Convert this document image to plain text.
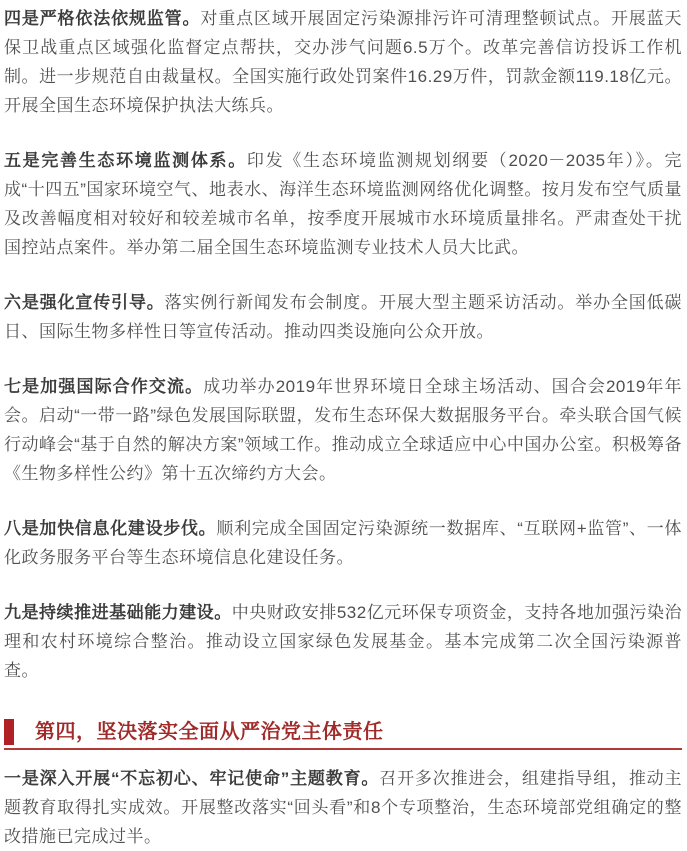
四是严格依法依规监管。对重点区域开展固定污染源排污许可清理整顿试点。开展蓝天保卫战重点区域强化监督定点帮扶，交办涉气问题6.5万个。改革完善信访投诉工作机制。进一步规范自由裁量权。全国实施行政处罚案件16.29万件，罚款金额119.18亿元。开展全国生态环境保护执法大练兵。

五是完善生态环境监测体系。印发《生态环境监测规划纲要（2020－2035年）》。完成“十四五”国家环境空气、地表水、海洋生态环境监测网络优化调整。按月发布空气质量及改善幅度相对较好和较差城市名单，按季度开展城市水环境质量排名。严肃查处干扰国控站点案件。举办第二届全国生态环境监测专业技术人员大比武。

六是强化宣传引导。落实例行新闻发布会制度。开展大型主题采访活动。举办全国低碳日、国际生物多样性日等宣传活动。推动四类设施向公众开放。

七是加强国际合作交流。成功举办2019年世界环境日全球主场活动、国合会2019年年会。启动“一带一路”绿色发展国际联盟，发布生态环保大数据服务平台。牵头联合国气候行动峰会“基于自然的解决方案”领域工作。推动成立全球适应中心中国办公室。积极筹备《生物多样性公约》第十五次缔约方大会。

八是加快信息化建设步伐。顺利完成全国固定污染源统一数据库、“互联网+监管”、一体化政务服务平台等生态环境信息化建设任务。

九是持续推进基础能力建设。中央财政安排532亿元环保专项资金，支持各地加强污染治理和农村环境综合整治。推动设立国家绿色发展基金。基本完成第二次全国污染源普查。

第四，坚决落实全面从严治党主体责任

一是深入开展“不忘初心、牢记使命”主题教育。召开多次推进会，组建指导组，推动主题教育取得扎实成效。开展整改落实“回头看”和8个专项整治，生态环境部党组确定的整改措施已完成过半。
